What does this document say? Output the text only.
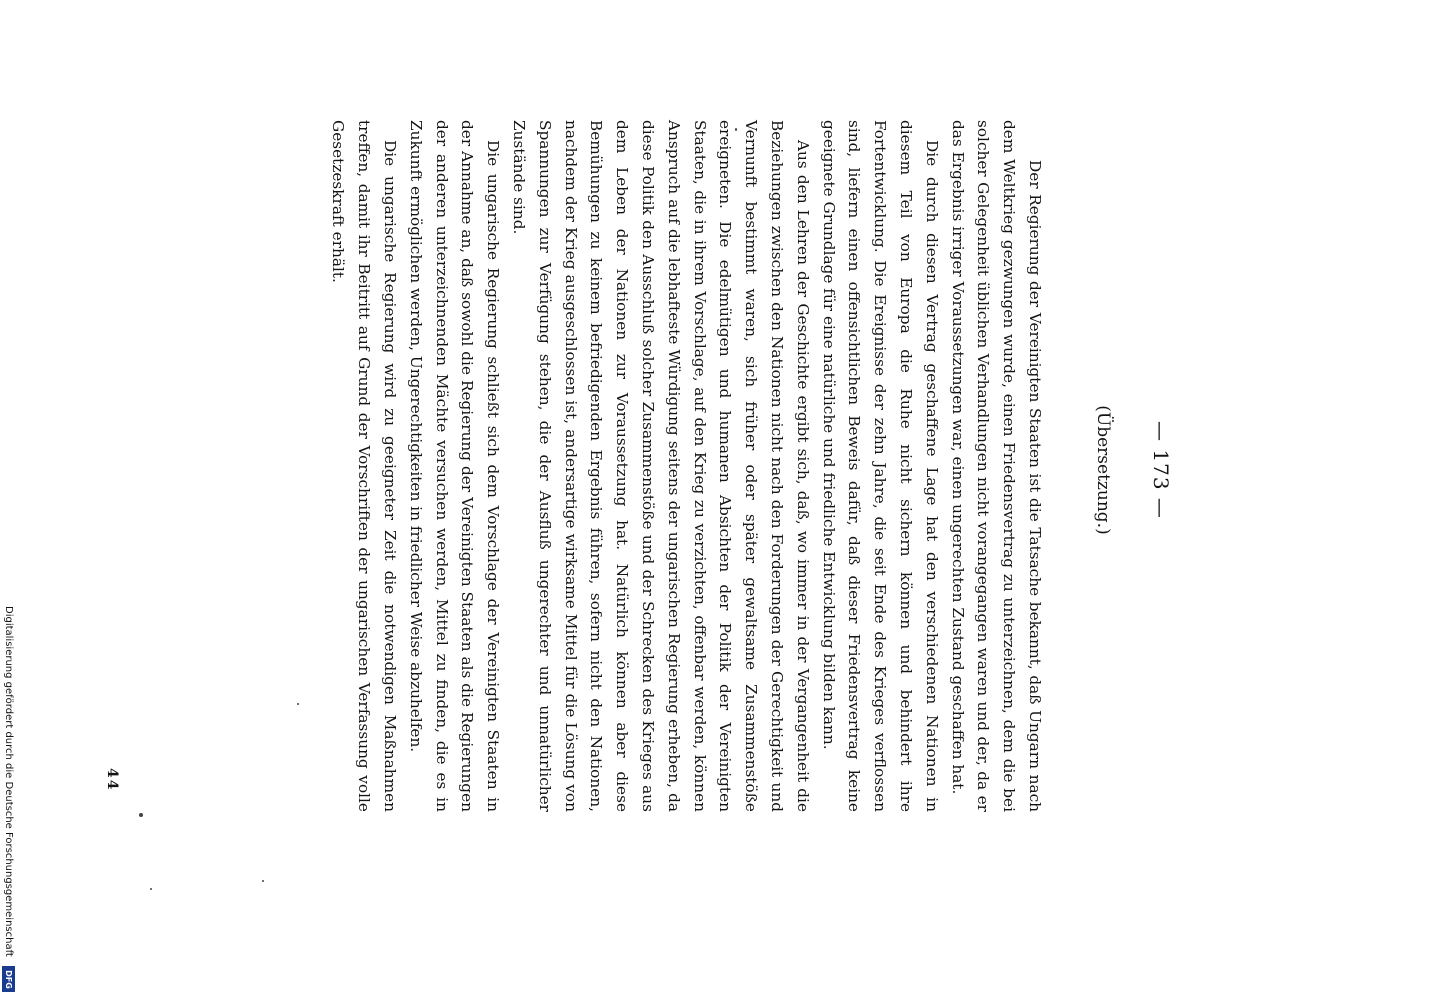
— 173 —
(Übersetzung.)

Der Regierung der Vereinigten Staaten ist die Tatsache bekannt, daß Ungarn nach dem Weltkrieg gezwungen wurde, einen Friedensvertrag zu unterzeichnen, dem die bei solcher Gelegenheit üblichen Verhandlungen nicht vorangegangen waren und der, da er das Ergebnis irriger Voraussetzungen war, einen ungerechten Zustand geschaffen hat.

Die durch diesen Vertrag geschaffene Lage hat den verschiedenen Nationen in diesem Teil von Europa die Ruhe nicht sichern können und behindert ihre Fortentwicklung. Die Ereignisse der zehn Jahre, die seit Ende des Krieges verflossen sind, liefern einen offensichtlichen Beweis dafür, daß dieser Friedensvertrag keine geeignete Grundlage für eine natürliche und friedliche Entwicklung bilden kann.

Aus den Lehren der Geschichte ergibt sich, daß, wo immer in der Vergangenheit die Beziehungen zwischen den Nationen nicht nach den Forderungen der Gerechtigkeit und Vernunft bestimmt waren, sich früher oder später gewaltsame Zusammenstöße ereigneten. Die edelmütigen und humanen Absichten der Politik der Vereinigten Staaten, die in ihrem Vorschlage, auf den Krieg zu verzichten, offenbar werden, können Anspruch auf die lebhafteste Würdigung seitens der ungarischen Regierung erheben, da diese Politik den Ausschluß solcher Zusammenstöße und der Schrecken des Krieges aus dem Leben der Nationen zur Voraussetzung hat. Natürlich können aber diese Bemühungen zu keinem befriedigenden Ergebnis führen, sofern nicht den Nationen, nachdem der Krieg ausgeschlossen ist, andersartige wirksame Mittel für die Lösung von Spannungen zur Verfügung stehen, die der Ausfluß ungerechter und unnatürlicher Zustände sind.

Die ungarische Regierung schließt sich dem Vorschlage der Vereinigten Staaten in der Annahme an, daß sowohl die Regierung der Vereinigten Staaten als die Regierungen der anderen unterzeichnenden Mächte versuchen werden, Mittel zu finden, die es in Zukunft ermöglichen werden, Ungerechtigkeiten in friedlicher Weise abzuhelfen.

Die ungarische Regierung wird zu geeigneter Zeit die notwendigen Maßnahmen treffen, damit ihr Beitritt auf Grund der Vorschriften der ungarischen Verfassung volle Gesetzeskraft erhält.

44
Digitalisierung gefördert durch die Deutsche Forschungsgemeinschaft
DFG
